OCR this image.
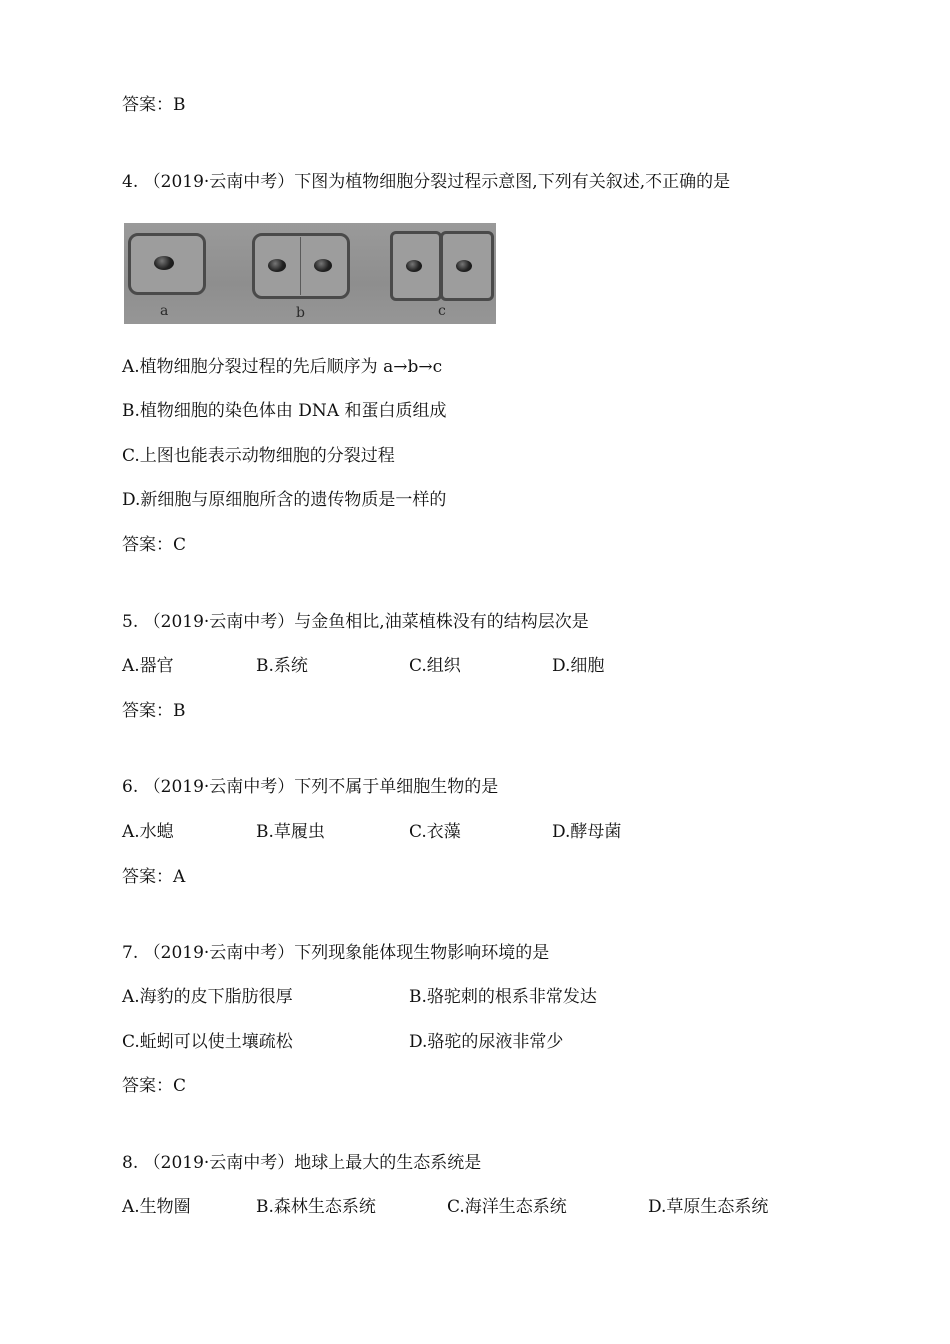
答案：B
4. （2019·云南中考）下图为植物细胞分裂过程示意图,下列有关叙述,不正确的是
a	b	c
A.植物细胞分裂过程的先后顺序为 a→b→c
B.植物细胞的染色体由 DNA 和蛋白质组成
C.上图也能表示动物细胞的分裂过程
D.新细胞与原细胞所含的遗传物质是一样的
答案：C
5. （2019·云南中考）与金鱼相比,油菜植株没有的结构层次是
A.器官	B.系统	C.组织	D.细胞
答案：B
6. （2019·云南中考）下列不属于单细胞生物的是
A.水螅	B.草履虫	C.衣藻	D.酵母菌
答案：A
7. （2019·云南中考）下列现象能体现生物影响环境的是
A.海豹的皮下脂肪很厚	B.骆驼刺的根系非常发达
C.蚯蚓可以使土壤疏松	D.骆驼的尿液非常少
答案：C
8. （2019·云南中考）地球上最大的生态系统是
A.生物圈	B.森林生态系统	C.海洋生态系统	D.草原生态系统
